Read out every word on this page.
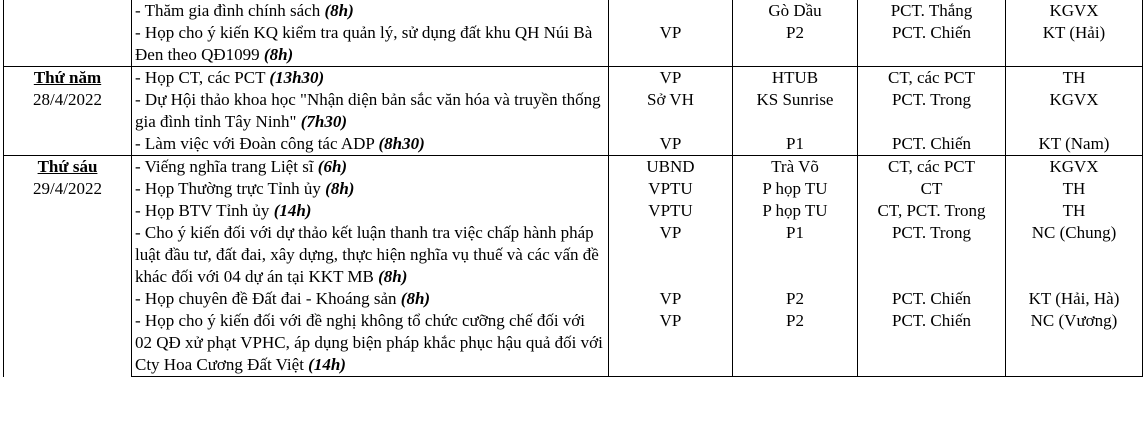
	- Thăm gia đình chính sách (8h)		Gò Dầu	PCT. Thắng	KGVX
	- Họp cho ý kiến KQ kiểm tra quản lý, sử dụng đất khu QH Núi Bà Đen theo QĐ1099 (8h)	VP	P2	PCT. Chiến	KT (Hải)

Thứ năm
28/4/2022	- Họp CT, các PCT (13h30)	VP	HTUB	CT, các PCT	TH
	- Dự Hội thảo khoa học "Nhận diện bản sắc văn hóa và truyền thống gia đình tỉnh Tây Ninh" (7h30)	Sở VH	KS Sunrise	PCT. Trong	KGVX
	- Làm việc với Đoàn công tác ADP (8h30)	VP	P1	PCT. Chiến	KT (Nam)

Thứ sáu
29/4/2022	- Viếng nghĩa trang Liệt sĩ (6h)	UBND	Trà Võ	CT, các PCT	KGVX
	- Họp Thường trực Tỉnh ủy (8h)	VPTU	P họp TU	CT	TH
	- Họp BTV Tỉnh ủy (14h)	VPTU	P họp TU	CT, PCT. Trong	TH
	- Cho ý kiến đối với dự thảo kết luận thanh tra việc chấp hành pháp luật đầu tư, đất đai, xây dựng, thực hiện nghĩa vụ thuế và các vấn đề khác đối với 04 dự án tại KKT MB (8h)	VP	P1	PCT. Trong	NC (Chung)
	- Họp chuyên đề Đất đai - Khoáng sản (8h)	VP	P2	PCT. Chiến	KT (Hải, Hà)
	- Họp cho ý kiến đối với đề nghị không tổ chức cưỡng chế đối với 02 QĐ xử phạt VPHC, áp dụng biện pháp khắc phục hậu quả đối với Cty Hoa Cương Đất Việt (14h)	VP	P2	PCT. Chiến	NC (Vương)
